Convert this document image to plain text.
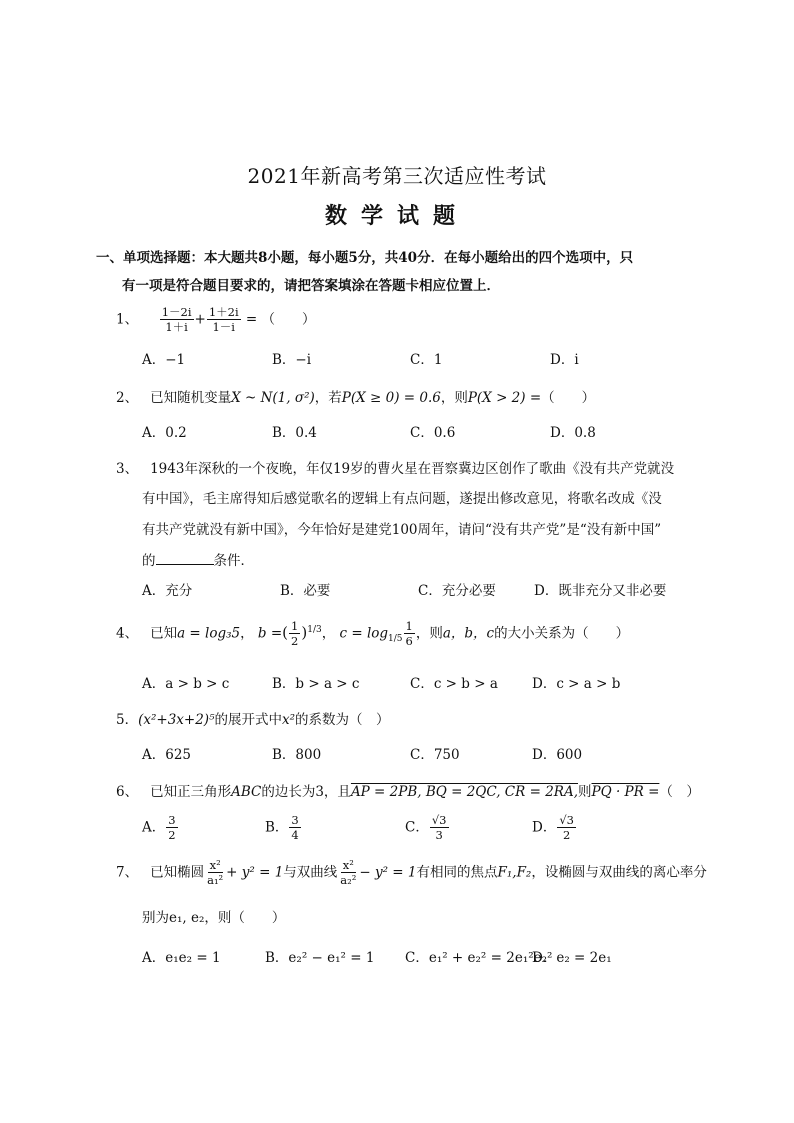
2021年新高考第三次适应性考试
数学试题
一、单项选择题：本大题共8小题，每小题5分，共40分．在每小题给出的四个选项中，只
有一项是符合题目要求的，请把答案填涂在答题卡相应位置上．
1、 $\frac{1-2i}{1+i} + \frac{1+2i}{1-i}$ = （　　）
A．−1	B．−i	C．1	D．i
2、 已知随机变量X ~ N(1, σ²)，若P(X ≥ 0) = 0.6，则P(X > 2) =（　　）
A．0.2	B．0.4	C．0.6	D．0.8
3、 1943年深秋的一个夜晚，年仅19岁的曹火星在晋察冀边区创作了歌曲《没有共产党就没
有中国》，毛主席得知后感觉歌名的逻辑上有点问题，遂提出修改意见，将歌名改成《没
有共产党就没有新中国》，今年恰好是建党100周年，请问“没有共产党”是“没有新中国”
的	条件．
A．充分	B．必要	C．充分必要	D．既非充分又非必要
4、 已知a = log₃5， b =( $\frac{1}{2} )^{1/3}$， $c = \log_{1/5} \frac{1}{6}$ ，则a，b，c的大小关系为（　　）
A．a > b > c	B．b > a > c	C．c > b > a	D．c > a > b
5．(x²+3x+2)⁵的展开式中x²的系数为（　）
A．625	B．800	C．750	D．600
6、 已知正三角形ABC的边长为3，且AP = 2PB, BQ = 2QC, CR = 2RA,则PQ · PR =（　）
A． $\frac{3}{2}$	B． $\frac{3}{4}$	C． $\frac{√3}{3}$	D． $\frac{√3}{2}$
7、 已知椭圆 $\frac{\text{x²}}{\text{a₁²}} + y^2 = 1$与双曲线 $\frac{\text{x²}}{\text{a₂²}} - y^2 = 1$有相同的焦点F₁,F₂，设椭圆与双曲线的离心率分
别为e₁, e₂，则（　　）
A．e₁e₂ = 1	B．e₂² − e₁² = 1 C．e₁² + e₂² = 2e₁²e₂²
D．e₂ = 2e₁
